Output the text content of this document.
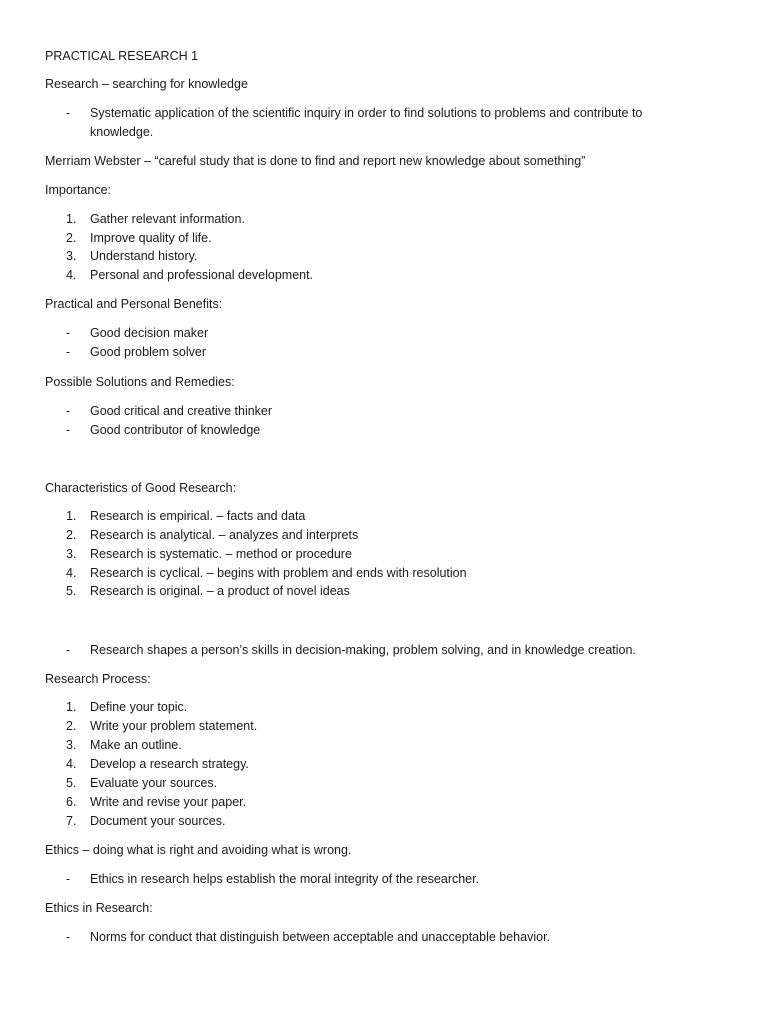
PRACTICAL RESEARCH 1
Research – searching for knowledge
- Systematic application of the scientific inquiry in order to find solutions to problems and contribute to
knowledge.
Merriam Webster – “careful study that is done to find and report new knowledge about something”
Importance:
1. Gather relevant information.
2. Improve quality of life.
3. Understand history.
4. Personal and professional development.
Practical and Personal Benefits:
- Good decision maker
- Good problem solver
Possible Solutions and Remedies:
- Good critical and creative thinker
- Good contributor of knowledge
Characteristics of Good Research:
1. Research is empirical. – facts and data
2. Research is analytical. – analyzes and interprets
3. Research is systematic. – method or procedure
4. Research is cyclical. – begins with problem and ends with resolution
5. Research is original. – a product of novel ideas
- Research shapes a person’s skills in decision-making, problem solving, and in knowledge creation.
Research Process:
1. Define your topic.
2. Write your problem statement.
3. Make an outline.
4. Develop a research strategy.
5. Evaluate your sources.
6. Write and revise your paper.
7. Document your sources.
Ethics – doing what is right and avoiding what is wrong.
- Ethics in research helps establish the moral integrity of the researcher.
Ethics in Research:
- Norms for conduct that distinguish between acceptable and unacceptable behavior.
